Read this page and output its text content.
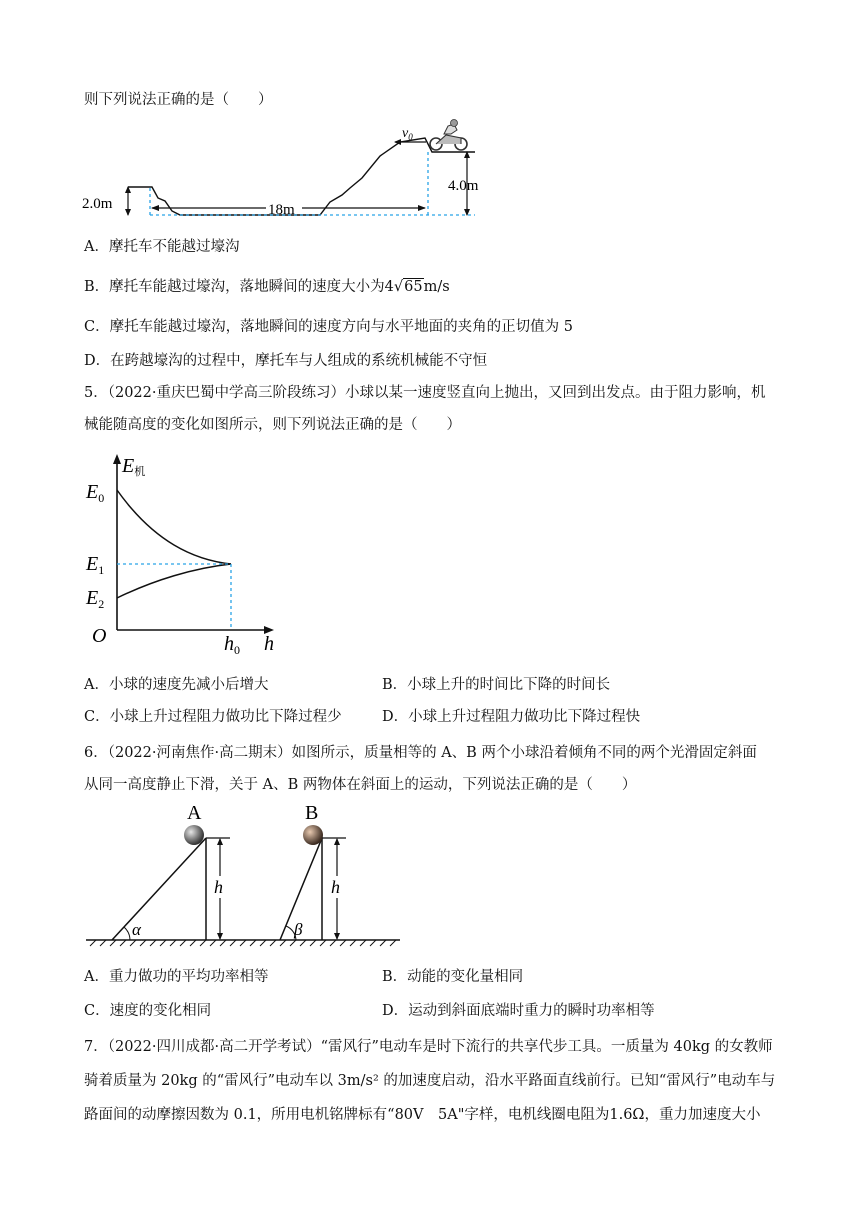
则下列说法正确的是（　　）
2.0m	18m
4.0m
$v_0$
A．摩托车不能越过壕沟
B．摩托车能越过壕沟，落地瞬间的速度大小为4√65m/s
C．摩托车能越过壕沟，落地瞬间的速度方向与水平地面的夹角的正切值为 5
D．在跨越壕沟的过程中，摩托车与人组成的系统机械能不守恒
5．（2022·重庆巴蜀中学高三阶段练习）小球以某一速度竖直向上抛出，又回到出发点。由于阻力影响，机
械能随高度的变化如图所示，则下列说法正确的是（　　）
E机
$E_0$
$E_1$
$E_2$
O	$h_0$ h
A．小球的速度先减小后增大	B．小球上升的时间比下降的时间长
C．小球上升过程阻力做功比下降过程少	D．小球上升过程阻力做功比下降过程快
6．（2022·河南焦作·高二期末）如图所示，质量相等的 A、B 两个小球沿着倾角不同的两个光滑固定斜面
从同一高度静止下滑，关于 A、B 两物体在斜面上的运动，下列说法正确的是（　　）
A
α
h
B
β
h
A．重力做功的平均功率相等	B．动能的变化量相同
C．速度的变化相同	D．运动到斜面底端时重力的瞬时功率相等
7．（2022·四川成都·高二开学考试）“雷风行”电动车是时下流行的共享代步工具。一质量为 40kg 的女教师
骑着质量为 20kg 的“雷风行”电动车以 3m/s² 的加速度启动，沿水平路面直线前行。已知“雷风行”电动车与
路面间的动摩擦因数为 0.1，所用电机铭牌标有“80V　5A"字样，电机线圈电阻为1.6Ω，重力加速度大小
